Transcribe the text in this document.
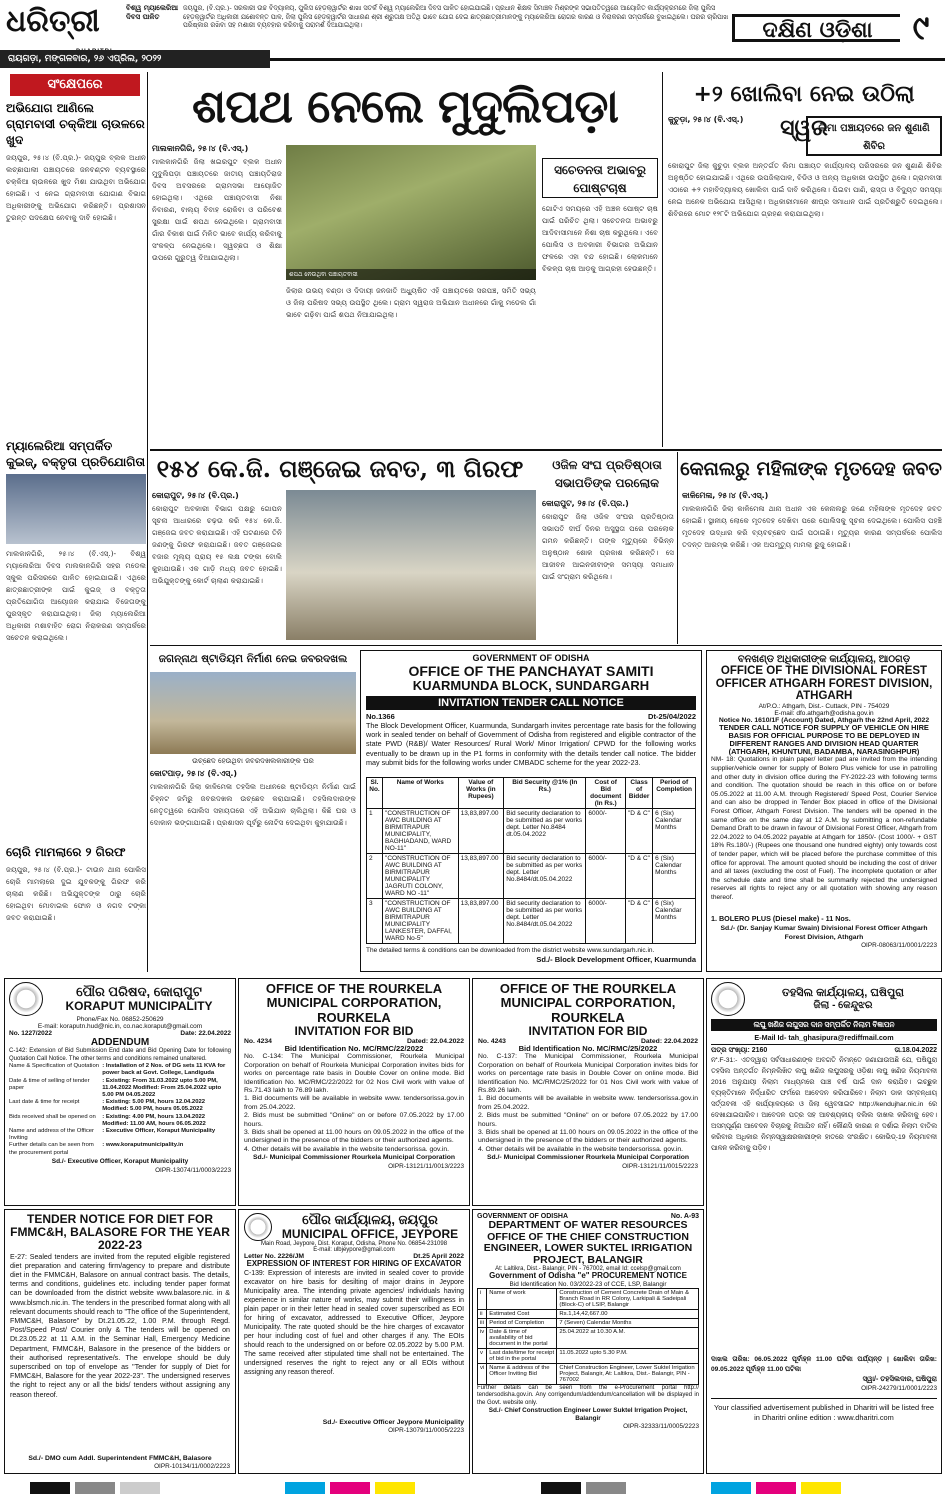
ଧରିତ୍ରୀ	ବିଶ୍ୱ ମ୍ୟାଲେରିଆ ଦିବସ ପାଳିତ
ଜୟପୁର, (ବି.ପ୍ର.)- ସରକାରୀ ଉଚ୍ଚ ବିଦ୍ୟାଳୟ, ପୁଲିସ ହେଡ଼କ୍ୱାର୍ଟର ଶାଖା ସତର୍କ ବିଶ୍ୱ ମ୍ୟାଲେରିଆ ଦିବସ ପାଳିତ ହୋଇଯାଇଛି। ପ୍ରଧାନ ଶିକ୍ଷକ ସିମାଞ୍ଚଳ ମିଶ୍ରଙ୍କ ସଭାପତିତ୍ୱରେ ଆୟୋଜିତ କାର୍ଯ୍ୟକ୍ରମରେ ଜିଲା ପୁଲିସ ହେଡ଼କ୍ୱାର୍ଟର ଅଧିକାରୀ ଯଶୋବନ୍ତ ପାଳ, ଜିଲା ପୁଲିସ ହେଡ଼କ୍ୱାର୍ଟର ସାଧାରଣ ଶ୍ରୀ ଶ୍ରୁତାକ୍ଷ ଅତିଥି ଭାବେ ଯୋଗ ଦେଇ ଛାତ୍ରଛାତ୍ରୀମାନଙ୍କୁ ମ୍ୟାଲେରିଆ ରୋଗର କାରଣ ଓ ନିରାକରଣ ସମ୍ପର୍କରେ ବୁଝାଇଥିଲେ। ଘରର ଚାରିପାଖ ପରିଷ୍କାର ରଖିବା ସହ ମଶାରୀ ବ୍ୟବହାର କରିବାକୁ ପରାମର୍ଶ ଦିଆଯାଇଥିଲା।	ଦକ୍ଷିଣ ଓଡ଼ିଶା	୯
ରାୟଗଡ଼ା, ମଙ୍ଗଳବାର, ୨୬ ଏପ୍ରିଲ, ୨୦୨୨
ସଂକ୍ଷେପରେ
ଅଭିଯୋଗ ଆଣିଲେ ଗ୍ରାମବାସୀ ଚକ୍କିଆ ଚାଉଳରେ ଖୁଦ
ଜୟପୁର, ୨୫।୪ (ବି.ପ୍ର.)- ଜୟପୁର ବ୍ଲକ ଅଧୀନ ଲଚ୍ଛାପାଲୀ ପଞ୍ଚାୟତରେ ଜନବଣ୍ଟନ ବ୍ୟବସ୍ଥାରେ ଚକ୍କିଆ ଚାଉଳରେ ଖୁଦ ମିଶା ଯାଉଥିବା ଅଭିଯୋଗ ହୋଇଛି। ଏ ନେଇ ଗ୍ରାମବାସୀ ଯୋଗାଣ ବିଭାଗ ଅଧିକାରୀଙ୍କୁ ଅଭିଯୋଗ କରିଛନ୍ତି। ପ୍ରଶାସନ ତୁରନ୍ତ ପଦକ୍ଷେପ ନେବାକୁ ଦାବି ହୋଇଛି।
ମ୍ୟାଲେରିଆ ସମ୍ପର୍କିତ କୁଇଜ୍, ବକ୍ତୃତା ପ୍ରତିଯୋଗିତା
ମାଲକାନଗିରି, ୨୫।୪ (ବି.ଏସ୍.)- ବିଶ୍ୱ ମ୍ୟାଲେରିଆ ଦିବସ ମାଲକାନଗିରି ସହର ମଡେଲ ସ୍କୁଲ ପରିସରରେ ପାଳିତ ହୋଇଯାଇଛି। ଏଥିରେ ଛାତ୍ରଛାତ୍ରୀଙ୍କ ପାଇଁ କୁଇଜ୍ ଓ ବକ୍ତୃତା ପ୍ରତିଯୋଗିତା ଆୟୋଜନ କରାଯାଇ ବିଜେତାଙ୍କୁ ପୁରସ୍କୃତ କରାଯାଇଥିଲା। ଜିଲା ମ୍ୟାଲେରିଆ ଅଧିକାରୀ ମଶାବାହିତ ରୋଗ ନିରାକରଣ ସମ୍ପର୍କରେ ସଚେତନ କରାଇଥିଲେ।
ଚୋରି ମାମଲାରେ ୨ ଗିରଫ
ଜୟପୁର, ୨୫।୪ (ବି.ପ୍ର.)- ଟାଉନ ଥାନା ପୋଲିସ ଚୋରି ମାମଲାରେ ଦୁଇ ଯୁବକଙ୍କୁ ଗିରଫ କରି ଚାଲାଣ କରିଛି। ଅଭିଯୁକ୍ତଙ୍କ ଠାରୁ ଚୋରି ହୋଇଥିବା ମୋବାଇଲ ଫୋନ ଓ ନଗଦ ଟଙ୍କା ଜବତ କରାଯାଇଛି।
ଶପଥ ନେଲେ ମୁଦୁଲିପଡ଼ା
ମାଲକାନଗିରି, ୨୫।୪ (ବି.ଏସ୍.)
ମାଲକାନଗିରି ଜିଲା ଖଇରପୁଟ ବ୍ଲକ ଅଧୀନ ମୁଦୁଲିପଡ଼ା ପଞ୍ଚାୟତରେ ଜାତୀୟ ପଞ୍ଚାୟତିରାଜ ଦିବସ ଅବସରରେ ଗ୍ରାମସଭା ଆୟୋଜିତ ହୋଇଥିଲା। ଏଥିରେ ପଞ୍ଚାୟତବାସୀ ନିଶା ନିବାରଣ, ବାଲ୍ୟ ବିବାହ ରୋକିବା ଓ ପରିବେଶ ସୁରକ୍ଷା ପାଇଁ ଶପଥ ନେଇଥିଲେ। ଗ୍ରାମବାସୀ ଗାଁର ବିକାଶ ପାଇଁ ମିଳିତ ଭାବେ କାର୍ଯ୍ୟ କରିବାକୁ ସଂକଳ୍ପ ନେଇଥିଲେ। ସ୍ୱଚ୍ଛତା ଓ ଶିକ୍ଷା ଉପରେ ଗୁରୁତ୍ୱ ଦିଆଯାଇଥିଲା।
ଶପଥ ନେଉଥିବା ପଞ୍ଚାୟତବାସୀ
ଜିଲାର ଉଭୟ ବଣ୍ଡା ଓ ଦିଦାୟୀ ଜନଜାତି ଅଧ୍ୟୁଷିତ ଏହି ପଞ୍ଚାୟତରେ ସରପଞ୍ଚ, ସମିତି ସଭ୍ୟ ଓ ଜିଲା ପରିଷଦ ସଭ୍ୟ ଉପସ୍ଥିତ ଥିଲେ। ଗ୍ରାମ ସ୍ୱରାଜ ଅଭିଯାନ ଅଧୀନରେ ଗାଁକୁ ମଡେଲ ଗାଁ ଭାବେ ଗଢ଼ିବା ପାଇଁ ଶପଥ ନିଆଯାଇଥିଲା।
ସଚେତନତା ଅଭାବରୁ ପୋଷ୍ଟଚାଷ
ଗୋଟିଏ ସମୟରେ ଏହି ଅଞ୍ଚଳ ପୋଷ୍ଟ ଚାଷ ପାଇଁ ପରିଚିତ ଥିଲା। ସଚେତନତା ଅଭାବରୁ ଆଦିବାସୀମାନେ ନିଶା ଚାଷ କରୁଥିଲେ। ଏବେ ପୋଲିସ ଓ ଅବକାରୀ ବିଭାଗର ଅଭିଯାନ ଫଳରେ ଏହା ବନ୍ଦ ହୋଇଛି। ଲୋକମାନେ ବିକଳ୍ପ ଚାଷ ଆଡ଼କୁ ଆଗ୍ରହୀ ହେଉଛନ୍ତି।
+୨ ଖୋଲିବା ନେଇ ଉଠିଲା ସ୍ୱର
କୁଚୁଡ଼ା, ୨୫।୪ (ବି.ଏସ୍.)
ଲିମା ପଞ୍ଚାୟତରେ ଜନ ଶୁଣାଣି ଶିବିର
କୋରାପୁଟ ଜିଲା କୁଚୁଡ଼ା ବ୍ଲକ ଅନ୍ତର୍ଗତ ଲିମା ପଞ୍ଚାୟତ କାର୍ଯ୍ୟାଳୟ ପରିସରରେ ଜନ ଶୁଣାଣି ଶିବିର ଅନୁଷ୍ଠିତ ହୋଇଯାଇଛି। ଏଥିରେ ଉପଜିଲାପାଳ, ବିଡିଓ ଓ ଅନ୍ୟ ଅଧିକାରୀ ଉପସ୍ଥିତ ଥିଲେ। ଗ୍ରାମବାସୀ ଏଠାରେ +୨ ମହାବିଦ୍ୟାଳୟ ଖୋଲିବା ପାଇଁ ଦାବି କରିଥିଲେ। ପିଇବା ପାଣି, ରାସ୍ତା ଓ ବିଦ୍ୟୁତ ସମସ୍ୟା ନେଇ ଅନେକ ଅଭିଯୋଗ ଆସିଥିଲା। ଅଧିକାରୀମାନେ ଶୀଘ୍ର ସମାଧାନ ପାଇଁ ପ୍ରତିଶ୍ରୁତି ଦେଇଥିଲେ। ଶିବିରରେ ମୋଟ ୧୨୮ଟି ଅଭିଯୋଗ ଗ୍ରହଣ କରାଯାଇଥିଲା।
୧୫୪ କେ.ଜି. ଗଞ୍ଜେଇ ଜବତ, ୩ ଗିରଫ
କୋରାପୁଟ, ୨୫।୪ (ବି.ପ୍ର.)
କୋରାପୁଟ ଅବକାରୀ ବିଭାଗ ପକ୍ଷରୁ ଗୋପନ ସୂଚନା ଆଧାରରେ ଚଢ଼ଉ କରି ୧୫୪ କେ.ଜି. ଗଞ୍ଜେଇ ଜବତ କରାଯାଇଛି। ଏହି ଘଟଣାରେ ତିନି ଜଣଙ୍କୁ ଗିରଫ କରାଯାଇଛି। ଜବତ ଗଞ୍ଜେଇର ବଜାର ମୂଲ୍ୟ ପ୍ରାୟ ୧୫ ଲକ୍ଷ ଟଙ୍କା ବୋଲି କୁହାଯାଉଛି। ଏକ ଗାଡ଼ି ମଧ୍ୟ ଜବତ ହୋଇଛି। ଅଭିଯୁକ୍ତଙ୍କୁ କୋର୍ଟ ଚାଲାଣ କରାଯାଇଛି।
ଓଜିଳ ସଂଘ ପ୍ରତିଷ୍ଠାତା ସଭାପତିଙ୍କ ପରଲୋକ
କୋରାପୁଟ, ୨୫।୪ (ବି.ପ୍ର.)
କୋରାପୁଟ ଜିଲା ଓଜିଳ ସଂଘର ପ୍ରତିଷ୍ଠାତା ସଭାପତି ଦୀର୍ଘ ଦିନର ଅସୁସ୍ଥତା ପରେ ପରଲୋକ ଗମନ କରିଛନ୍ତି। ତାଙ୍କ ମୃତ୍ୟୁରେ ବିଭିନ୍ନ ଅନୁଷ୍ଠାନ ଶୋକ ପ୍ରକାଶ କରିଛନ୍ତି। ସେ ଆଜୀବନ ଆଇନଜୀବୀଙ୍କ ସମସ୍ୟା ସମାଧାନ ପାଇଁ ସଂଗ୍ରାମ କରିଥିଲେ।
କେନାଲରୁ ମହିଳାଙ୍କ ମୃତଦେହ ଜବତ
କାଳିମେଳା, ୨୫।୪ (ବି.ଏସ୍.)
ମାଲକାନଗିରି ଜିଲା କାଳିମେଳା ଥାନା ଅଧୀନ ଏକ କେନାଲରୁ ଜଣେ ମହିଳାଙ୍କ ମୃତଦେହ ଜବତ ହୋଇଛି। ସ୍ଥାନୀୟ ଲୋକେ ମୃତଦେହ ଦେଖିବା ପରେ ପୋଲିସକୁ ସୂଚନା ଦେଇଥିଲେ। ପୋଲିସ ପହଞ୍ଚି ମୃତଦେହ ଉଦ୍ଧାର କରି ବ୍ୟବଚ୍ଛେଦ ପାଇଁ ପଠାଇଛି। ମୃତ୍ୟୁର କାରଣ ସମ୍ପର୍କରେ ପୋଲିସ ତଦନ୍ତ ଆରମ୍ଭ କରିଛି। ଏକ ଅପମୃତ୍ୟୁ ମାମଲା ରୁଜୁ ହୋଇଛି।
ଜଗନ୍ନାଥ ଷ୍ଟାଡିୟମ ନିର୍ମାଣ ନେଇ ଜବରଦଖଲ
ଉଚ୍ଛେଦ ହେଉଥିବା ଜବରଦଖଲକାରୀଙ୍କ ଘର
କୋଟପାଡ଼, ୨୫।୪ (ବି.ଏସ୍.)
ମାଲକାନଗିରି ଜିଲା କାଳିମେଳା ତହସିଲ ଅଧୀନରେ ଷ୍ଟାଡିୟମ ନିର୍ମାଣ ପାଇଁ ଚିହ୍ନଟ ଜମିରୁ ଜବରଦଖଲ ଉଚ୍ଛେଦ କରାଯାଇଛି। ତହସିଲଦାରଙ୍କ ନେତୃତ୍ୱରେ ପୋଲିସ ସହାୟତାରେ ଏହି ଅଭିଯାନ ଚାଲିଥିଲା। କିଛି ଘର ଓ ଦୋକାନ ଭଙ୍ଗାଯାଇଛି। ପ୍ରଶାସନ ପୂର୍ବରୁ ନୋଟିସ ଦେଇଥିବା କୁହାଯାଉଛି।
GOVERNMENT OF ODISHA
OFFICE OF THE PANCHAYAT SAMITI
KUARMUNDA BLOCK, SUNDARGARH
INVITATION TENDER CALL NOTICE
No.1366	Dt-25/04/2022
The Block Development Officer, Kuarmunda, Sundargarh invites percentage rate basis for the following work in sealed tender on behalf of Government of Odisha from registered and eligible contractor of the state PWD (R&B)/ Water Resources/ Rural Work/ Minor Irrigation/ CPWD for the following works eventually to be drawn up in the P1 forms in conformity with the details tender call notice. The bidder may submit bids for the following works under CMBADC scheme for the year 2022-23.
Sl. No.	Name of Works	Value of Works (in Rupees)	Bid Security @1% (In Rs.)	Cost of Bid document (In Rs.)	Class of Bidder	Period of Completion
1	"CONSTRUCTION OF AWC BUILDING AT BIRMITRAPUR MUNICIPALITY, BAGHIADAND, WARD NO-11"	13,83,897.00	Bid security declaration to be submitted as per works dept. Letter No.8484 dt.05.04.2022	6000/-	"D & C"	6 (Six) Calendar Months
2	"CONSTRUCTION OF AWC BUILDING AT BIRMITRAPUR MUNICIPALITY JAGRUTI COLONY, WARD NO -11"	13,83,897.00	Bid security declaration to be submitted as per works dept. Letter No.8484/dt.05.04.2022	6000/-	"D & C"	6 (Six) Calendar Months
3	"CONSTRUCTION OF AWC BUILDING AT BIRMITRAPUR MUNICIPALITY LANKESTER, DAFFAI, WARD No-5"	13,83,897.00	Bid security declaration to be submitted as per works dept. Letter No.8484/dt.05.04.2022	6000/-	"D & C"	6 (Six) Calendar Months
The detailed terms & conditions can be downloaded from the district website www.sundargarh.nic.in.
Sd./- Block Development Officer, Kuarmunda
ବନଖଣ୍ଡ ଅଧିକାରୀଙ୍କ କାର୍ଯ୍ୟାଳୟ, ଆଠଗଡ଼
OFFICE OF THE DIVISIONAL FOREST OFFICER ATHGARH FOREST DIVISION, ATHGARH
At/P.O.: Athgarh, Dist.- Cuttack, PIN - 754029
E-mail: dfo.athgarh@odisha.gov.in
Notice No. 1610/1F (Account) Dated, Athgarh the 22nd April, 2022
TENDER CALL NOTICE FOR SUPPLY OF VEHICLE ON HIRE BASIS FOR OFFICIAL PURPOSE TO BE DEPLOYED IN DIFFERENT RANGES AND DIVISION HEAD QUARTER (ATHGARH, KHUNTUNI, BADAMBA, NARASINGHPUR)
NM- 18: Quotations in plain paper/ letter pad are invited from the intending supplier/vehicle owner for supply of Bolero Plus vehicle for use in patrolling and other duty in division office during the FY-2022-23 with following terms and condition. The quotation should be reach in this office on or before 05.05.2022 at 11.00 A.M. through Registered/ Speed Post, Courier Service and can also be dropped in Tender Box placed in office of the Divisional Forest Officer, Athgarh Forest Division. The tenders will be opened in the same office on the same day at 12 A.M. by submitting a non-refundable Demand Draft to be drawn in favour of Divisional Forest Officer, Athgarh from 22.04.2022 to 04.05.2022 payable at Athgarh for 1850/- (Cost 1000/- + GST 18% Rs.180/-) (Rupees one thousand one hundred eighty) only towards cost of tender paper, which will be placed before the purchase committee of this office for approval. The amount quoted should be including the cost of driver and all taxes (excluding the cost of Fuel). The incomplete quotation or after the schedule date and time shall be summarily rejected the undersigned reserves all rights to reject any or all quotation with showing any reason thereof.
1. BOLERO PLUS (Diesel make) - 11 Nos.
Sd./- (Dr. Sanjay Kumar Swain) Divisional Forest Officer Athgarh Forest Division, Athgarh
OIPR-08063/11/0001/2223
ପୌର ପରିଷଦ, କୋରାପୁଟ
KORAPUT MUNICIPALITY
Phone/Fax No. 06852-250629
E-mail: koraputn.hud@nic.in, co.nac.koraput@gmail.com
No. 1227/2022	Date: 22.04.2022
ADDENDUM
C-142: Extension of Bid Submission End date and Bid Opening Date for following Quotation Call Notice. The other terms and conditions remained unaltered.
Name & Specification of Quotation : Installation of 2 Nos. of DG sets 11 KVA for power back at Govt. College, Landiguda
Date & time of selling of tender paper
: Existing: From 31.03.2022 upto 5.00 PM, 11.04.2022 Modified: From 25.04.2022 upto 5.00 PM 04.05.2022
Last date & time for receipt	: Existing: 5.00 PM, hours 12.04.2022 Modified: 5.00 PM, hours 05.05.2022
Bids received shall be opened on	: Existing: 4.00 PM, hours 13.04.2022 Modified: 11.00 AM, hours 06.05.2022
Name and address of the Officer Inviting
: Executive Officer, Koraput Municipality
Further details can be seen from the procurement portal
: www.koraputmunicipality.in
Sd./- Executive Officer, Koraput Municipality
OIPR-13074/11/0003/2223
OFFICE OF THE ROURKELA MUNICIPAL CORPORATION, ROURKELA
INVITATION FOR BID
No. 4234	Dated: 22.04.2022
Bid Identification No. MC/RMC/22/2022
No. C-134: The Municipal Commissioner, Rourkela Municipal Corporation on behalf of Rourkela Municipal Corporation invites bids for works on percentage rate basis in Double Cover on online mode. Bid Identification No. MC/RMC/22/2022 for 02 Nos Civil work with value of Rs.71.43 lakh to 76.89 lakh.
1. Bid documents will be available in website www. tendersorissa.gov.in from 25.04.2022.
2. Bids must be submitted "Online" on or before 07.05.2022 by 17.00 hours.
3. Bids shall be opened at 11.00 hours on 09.05.2022 in the office of the undersigned in the presence of the bidders or their authorized agents.
4. Other details will be available in the website tendersorissa. gov.in.
Sd./- Municipal Commissioner Rourkela Municipal Corporation
OIPR-13121/11/0013/2223
OFFICE OF THE ROURKELA MUNICIPAL CORPORATION, ROURKELA
INVITATION FOR BID
No. 4243	Dated: 22.04.2022
Bid Identification No. MC/RMC/25/2022
No. C-137: The Municipal Commissioner, Rourkela Municipal Corporation on behalf of Rourkela Municipal Corporation invites bids for works on percentage rate basis in Double Cover on online mode. Bid Identification No. MC/RMC/25/2022 for 01 Nos Civil work with value of Rs.89.26 lakh.
1. Bid documents will be available in website www. tendersorissa.gov.in from 25.04.2022.
2. Bids must be submitted "Online" on or before 07.05.2022 by 17.00 hours.
3. Bids shall be opened at 11.00 hours on 09.05.2022 in the office of the undersigned in the presence of the bidders or their authorized agents.
4. Other details will be available in the website tendersorissa. gov.in.
Sd./- Municipal Commissioner Rourkela Municipal Corporation
OIPR-13121/11/0015/2223
ତହସିଲ କାର୍ଯ୍ୟାଳୟ, ଘଷିପୁରା
ଜିଲା - କେନ୍ଦୁଝର
ଲଘୁ ଖଣିଜ ଲଘୁସର ଦାନ ସମ୍ପର୍କିତ ନିଲାମ ବିଜ୍ଞାପନ
E-Mail Id- tah_ghasipura@rediffmail.com
ପତ୍ର ସଂଖ୍ୟା: 2160	ତା.18.04.2022
ନଂ.F-31:- ଏତଦ୍ୱାରା ସର୍ବସାଧାରଣଙ୍କ ଅବଗତି ନିମନ୍ତେ ଜଣାଯାଉଅଛି ଯେ, ଘଷିପୁରା ତହସିଲ ଅନ୍ତର୍ଗତ ନିମ୍ନଲିଖିତ ଲଘୁ ଖଣିଜ ଲଘୁସରକୁ ଓଡ଼ିଶା ଲଘୁ ଖଣିଜ ନିୟମାବଳୀ 2016 ଅନୁଯାୟୀ ନିଲାମ ମାଧ୍ୟମରେ ପାଞ୍ଚ ବର୍ଷ ପାଇଁ ଦାନ କରାଯିବ। ଇଚ୍ଛୁକ ବ୍ୟକ୍ତିମାନେ ନିର୍ଦ୍ଧାରିତ ଫର୍ମରେ ଆବେଦନ କରିପାରିବେ। ନିଲାମ ଡାକ ସମ୍ବନ୍ଧୀୟ ସର୍ତ୍ତାବଳୀ ଏହି କାର୍ଯ୍ୟାଳୟରେ ଓ ଜିଲା ୱେବସାଇଟ http://kendujhar.nic.in ରେ ଦେଖାଯାଇପାରିବ। ଆବେଦନ ପତ୍ର ସହ ଆବଶ୍ୟକୀୟ ଦଲିଲ ଦାଖଲ କରିବାକୁ ହେବ। ଅସମ୍ପୂର୍ଣ୍ଣ ଆବେଦନ ବିଚାରକୁ ନିଆଯିବ ନାହିଁ। କୌଣସି କାରଣ ନ ଦର୍ଶାଇ ନିଲାମ ବାତିଲ କରିବାର ଅଧିକାର ନିମ୍ନସ୍ୱାକ୍ଷରକାରୀଙ୍କ ହାତରେ ସଂରକ୍ଷିତ। କୋଭିଡ୍-19 ନିୟମାବଳୀ ପାଳନ କରିବାକୁ ପଡ଼ିବ।
ଦାଖଲ ତାରିଖ: 06.05.2022 ପୂର୍ବାହ୍ନ 11.00 ଘଟିକା ପର୍ଯ୍ୟନ୍ତ | ଖୋଲିବା ତାରିଖ: 09.05.2022 ପୂର୍ବାହ୍ନ 11.00 ଘଟିକା
ସ୍ୱା/- ତହସିଲଦାର, ଘଷିପୁରା
OIPR-24279/11/0001/2223
Your classified advertisement published in Dharitri will be listed free in Dharitri online edition : www.dharitri.com
TENDER NOTICE FOR DIET FOR FMMC&H, BALASORE FOR THE YEAR 2022-23
E-27: Sealed tenders are invited from the reputed eligible registered diet preparation and catering firm/agency to prepare and distribute diet in the FMMC&H, Balasore on annual contract basis. The details, terms and conditions, guidelines etc. including tender paper format can be downloaded from the district website www.balasore.nic. in & www.blsmch.nic.in. The tenders in the prescribed format along with all relevant documents should reach to "The office of the Superintendent, FMMC&H, Balasore" by Dt.21.05.22, 1.00 P.M. through Regd. Post/Speed Post/ Courier only & The tenders will be opened on Dt.23.05.22 at 11 A.M. in the Seminar Hall, Emergency Medicine Department, FMMC&H, Balasore in the presence of the bidders or their authorised representative/s. The envelope should be duly superscribed on top of envelope as "Tender for supply of Diet for FMMC&H, Balasore for the year 2022-23". The undersigned reserves the right to reject any or all the bids/ tenders without assigning any reason thereof.
Sd./- DMO cum Addl. Superintendent FMMC&H, Balasore
OIPR-10134/11/0002/2223
ପୌର କାର୍ଯ୍ୟାଳୟ, ଜୟପୁର
MUNICIPAL OFFICE, JEYPORE
Main Road, Jeypore, Dist. Koraput, Odisha, Phone No. 06854-231098
E-mail: ulbjeypore@gmail.com
Letter No. 2226/JM	Dt.25 April 2022
EXPRESSION OF INTEREST FOR HIRING OF EXCAVATOR
C-139: Expression of interests are invited in sealed cover to provide excavator on hire basis for desilting of major drains in Jeypore Municipality area. The intending private agencies/ individuals having experience in similar nature of works, may submit their willingness in plain paper or in their letter head in sealed cover superscribed as EOI for hiring of excavator, addressed to Executive Officer, Jeypore Municipality. The rate quoted should be the hire charges of excavator per hour including cost of fuel and other charges if any. The EOIs should reach to the undersigned on or before 02.05.2022 by 5.00 P.M. The same received after stipulated time shall not be entertained. The undersigned reserves the right to reject any or all EOIs without assigning any reason thereof.
Sd./- Executive Officer Jeypore Municipality
OIPR-13079/11/0005/2223
GOVERNMENT OF ODISHA	No. A-93
DEPARTMENT OF WATER RESOURCES OFFICE OF THE CHIEF CONSTRUCTION ENGINEER, LOWER SUKTEL IRRIGATION PROJECT, BALANGIR
At: Laltikra, Dist.- Balangir, PIN - 767002, email Id: ccelsp@gmail.com
Government of Odisha "e" PROCUREMENT NOTICE
Bid Identification No. 03/2022-23 of CCE, LSP, Balangir
i	Name of work	Construction of Cement Concrete Drain of Main & Branch Road in RR Colony, Larkipali & Sadeipali (Block-C) of LSIP, Balangir
ii	Estimated Cost	Rs.1,14,42,667.00
iii	Period of Completion	7 (Seven) Calendar Months
iv	Date & time of availability of bid document in the portal	25.04.2022 at 10.30 A.M.
v	Last date/time for receipt of bid in the portal	11.05.2022 upto 5.30 P.M.
vi	Name & address of the Officer Inviting Bid	Chief Construction Engineer, Lower Suktel Irrigation Project, Balangir, At: Laltikra, Dist.- Balangir, PIN - 767002
Further details can be seen from the e-Procurement portal http:// tendersodisha.gov.in. Any corrigendum/addendum/cancellation will be displayed in the Govt. website only.
Sd./- Chief Construction Engineer Lower Suktel Irrigation Project, Balangir
OIPR-32333/11/0005/2223
